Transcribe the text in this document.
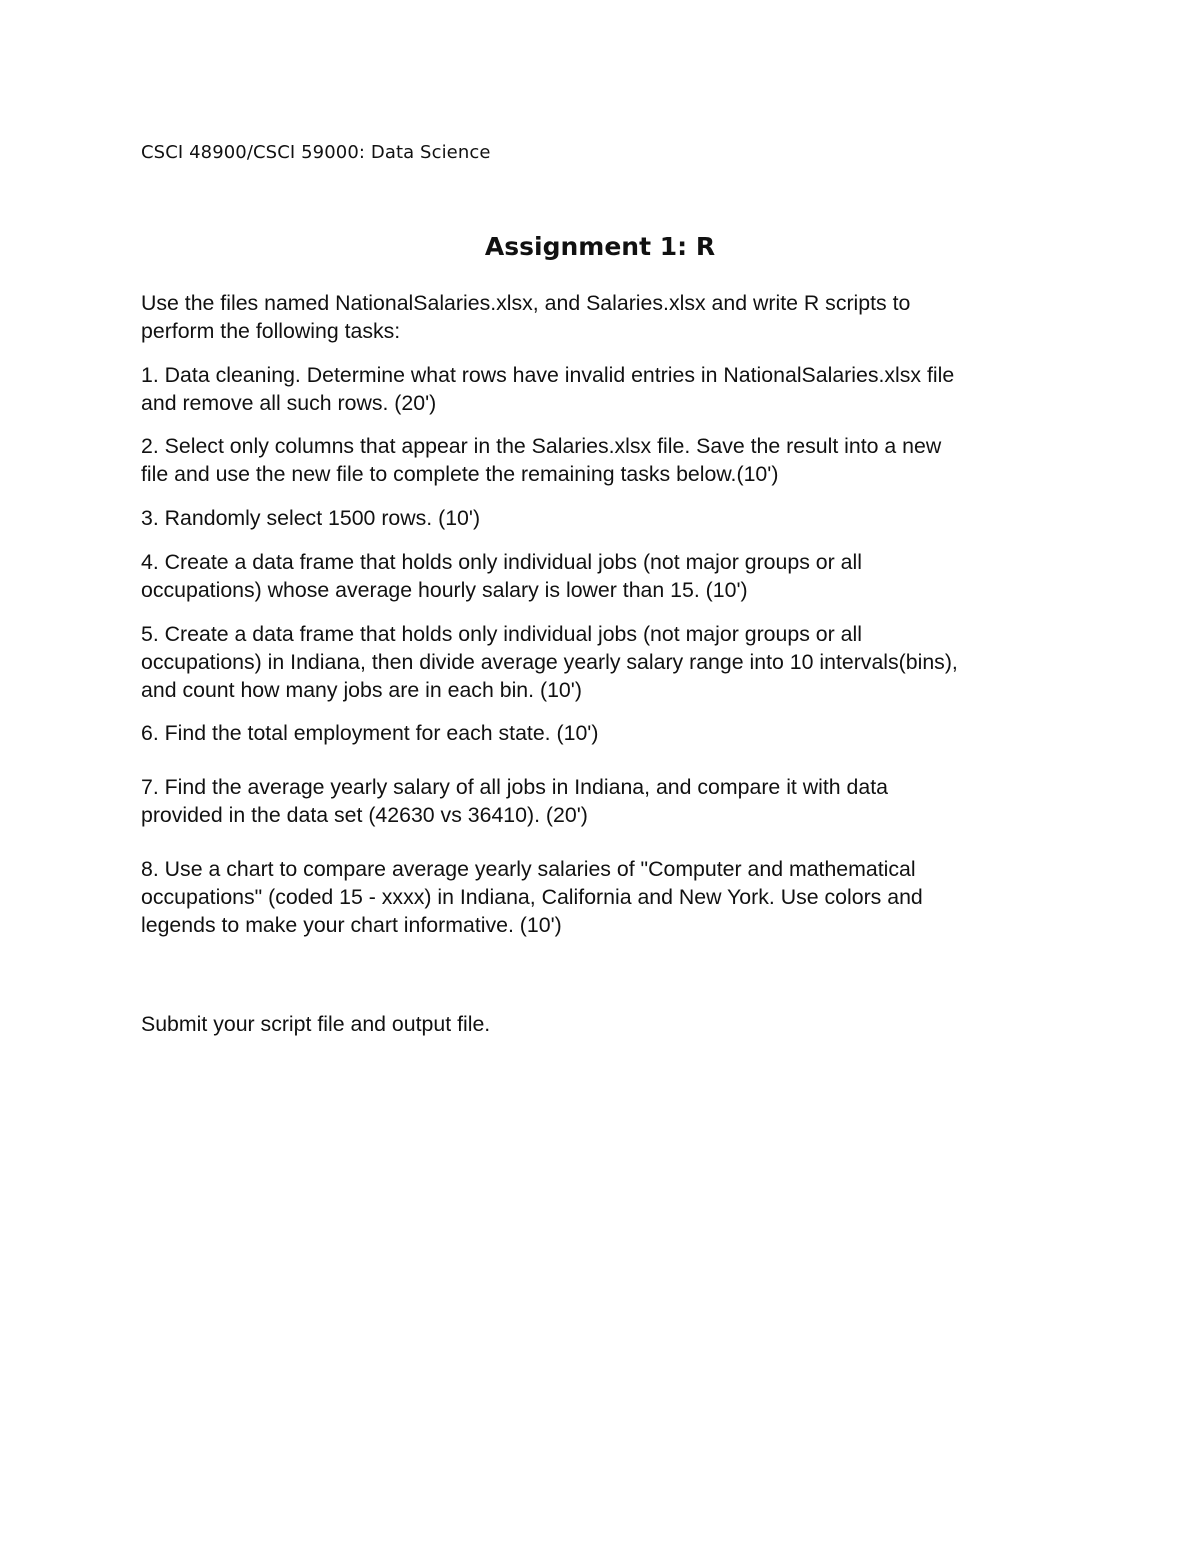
CSCI 48900/CSCI 59000: Data Science
Assignment 1: R

Use the files named NationalSalaries.xlsx, and Salaries.xlsx and write R scripts to
perform the following tasks:

1. Data cleaning. Determine what rows have invalid entries in NationalSalaries.xlsx file
and remove all such rows. (20')

2. Select only columns that appear in the Salaries.xlsx file. Save the result into a new
file and use the new file to complete the remaining tasks below.(10')

3. Randomly select 1500 rows. (10')

4. Create a data frame that holds only individual jobs (not major groups or all
occupations) whose average hourly salary is lower than 15. (10')

5. Create a data frame that holds only individual jobs (not major groups or all
occupations) in Indiana, then divide average yearly salary range into 10 intervals(bins),
and count how many jobs are in each bin. (10')

6. Find the total employment for each state. (10')

7. Find the average yearly salary of all jobs in Indiana, and compare it with data
provided in the data set (42630 vs 36410). (20')

8. Use a chart to compare average yearly salaries of "Computer and mathematical
occupations" (coded 15 - xxxx) in Indiana, California and New York. Use colors and
legends to make your chart informative. (10')

Submit your script file and output file.
